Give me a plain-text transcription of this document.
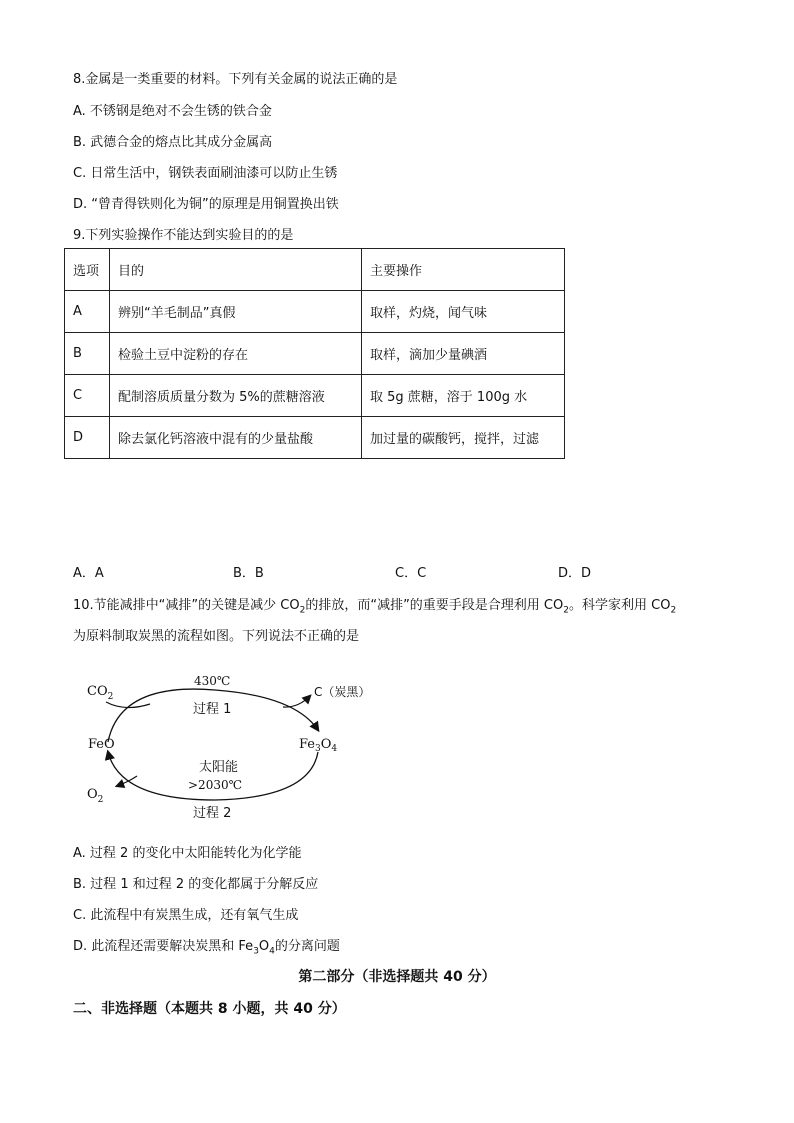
8.金属是一类重要的材料。下列有关金属的说法正确的是
A. 不锈钢是绝对不会生锈的铁合金
B. 武德合金的熔点比其成分金属高
C. 日常生活中，钢铁表面刷油漆可以防止生锈
D. “曾青得铁则化为铜”的原理是用铜置换出铁
9.下列实验操作不能达到实验目的的是
选项	目的	主要操作
A	辨别“羊毛制品”真假	取样，灼烧，闻气味
B	检验土豆中淀粉的存在	取样，滴加少量碘酒
C	配制溶质质量分数为 5%的蔗糖溶液	取 5g 蔗糖，溶于 100g 水
D	除去氯化钙溶液中混有的少量盐酸	加过量的碳酸钙，搅拌，过滤
A．A	B．B	C．C	D．D
10.节能减排中“减排”的关键是减少 $CO_2$的排放，而“减排”的重要手段是合理利用 $CO_2$。科学家利用 $CO_2$
为原料制取炭黑的流程如图。下列说法不正确的是
$CO_2$
430℃
过程 1
C（炭黑）
FeO	$Fe_3O_4$
太阳能
>2030℃
$O_2$
过程 2
A. 过程 2 的变化中太阳能转化为化学能
B. 过程 1 和过程 2 的变化都属于分解反应
C. 此流程中有炭黑生成，还有氧气生成
D. 此流程还需要解决炭黑和 $Fe_3O_4$的分离问题
第二部分（非选择题共 40 分）
二、非选择题（本题共 8 小题，共 40 分）
